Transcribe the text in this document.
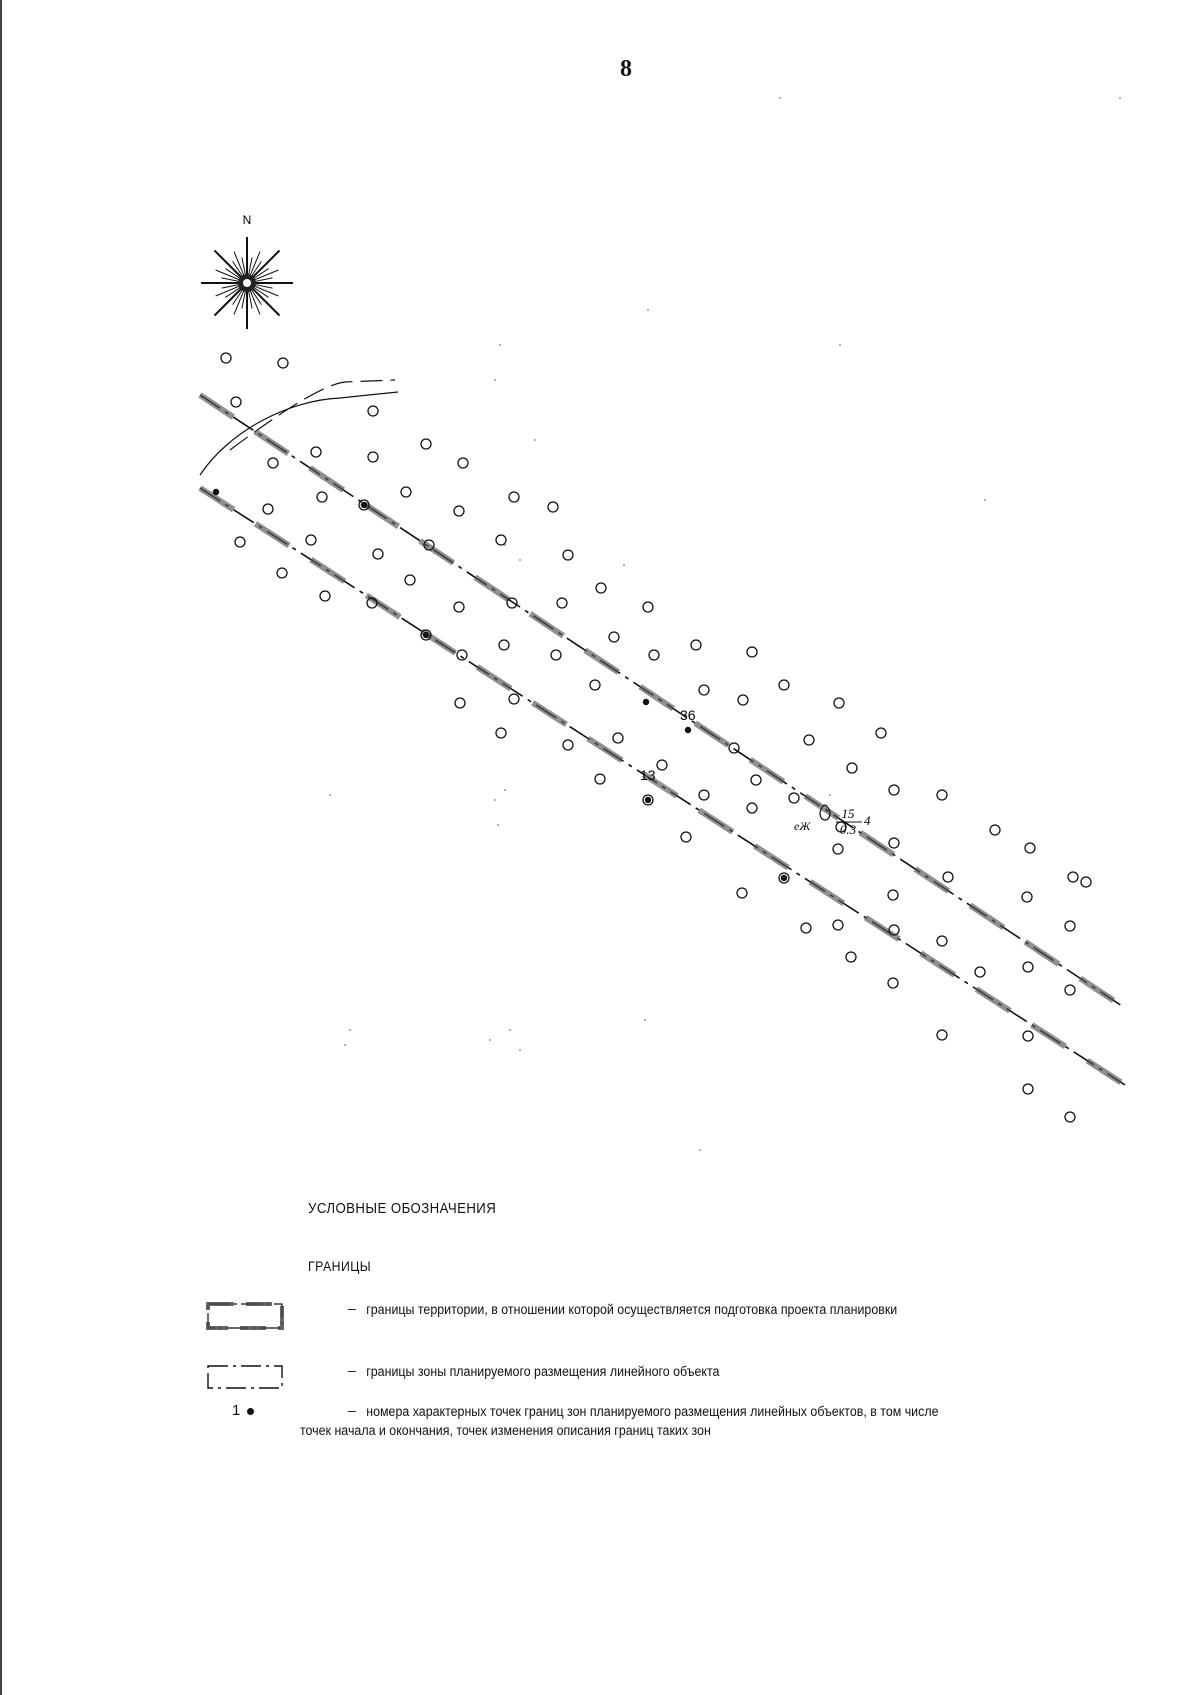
8
N
36
13
eЖ
15
0.3
4
УСЛОВНЫЕ ОБОЗНАЧЕНИЯ
ГРАНИЦЫ
– границы территории, в отношении которой осуществляется подготовка проекта планировки
– границы зоны планируемого размещения линейного объекта
1	– номера характерных точек границ зон планируемого размещения линейных объектов, в том числе точек начала и окончания, точек изменения описания границ таких зон
